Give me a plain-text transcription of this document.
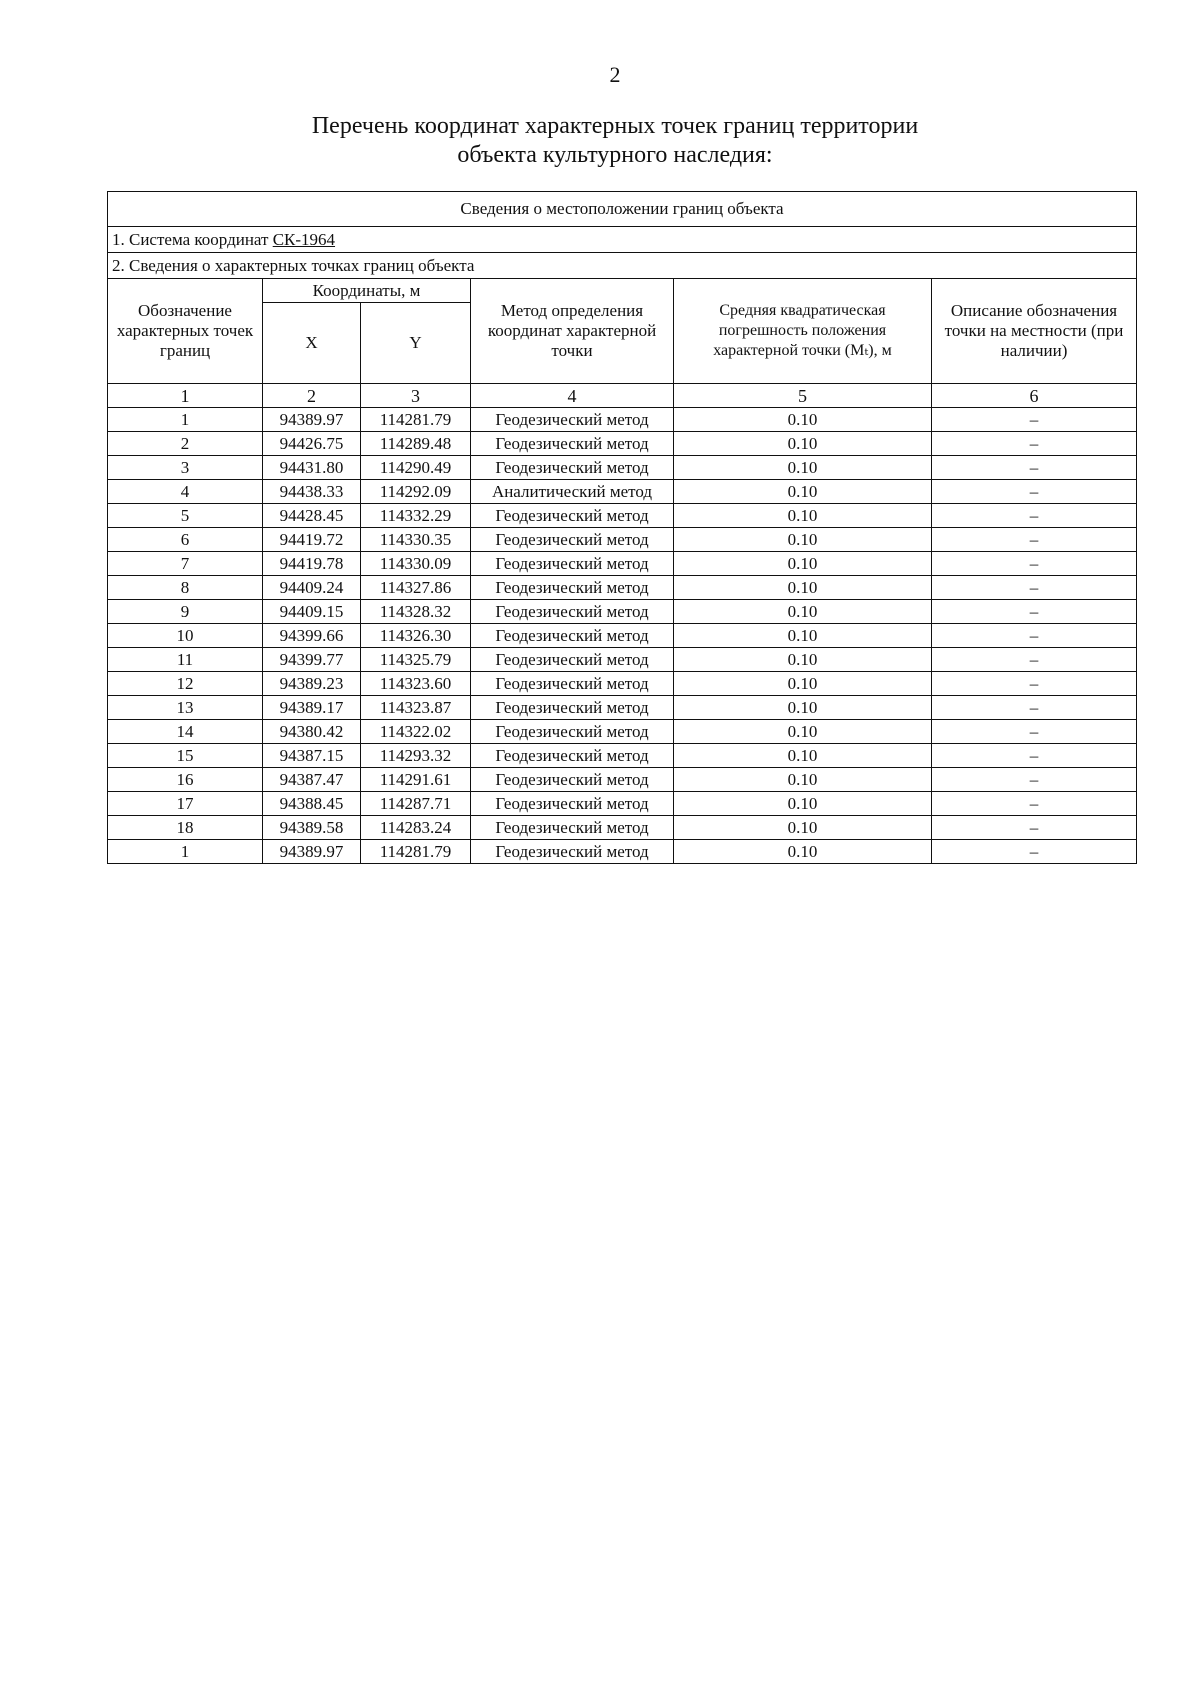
2
Перечень координат характерных точек границ территории
объекта культурного наследия:
Сведения о местоположении границ объекта					
1. Система координат СК-1964					
2. Сведения о характерных точках границ объекта					
Обозначение характерных точек границ	Координаты, м		Метод определения координат характерной точки	Средняя квадратическая погрешность положения характерной точки (Mₜ), м	Описание обозначения точки на местности (при наличии)
	X	Y			
1	2	3	4	5	6
1	94389.97	114281.79	Геодезический метод	0.10	–
2	94426.75	114289.48	Геодезический метод	0.10	–
3	94431.80	114290.49	Геодезический метод	0.10	–
4	94438.33	114292.09	Аналитический метод	0.10	–
5	94428.45	114332.29	Геодезический метод	0.10	–
6	94419.72	114330.35	Геодезический метод	0.10	–
7	94419.78	114330.09	Геодезический метод	0.10	–
8	94409.24	114327.86	Геодезический метод	0.10	–
9	94409.15	114328.32	Геодезический метод	0.10	–
10	94399.66	114326.30	Геодезический метод	0.10	–
11	94399.77	114325.79	Геодезический метод	0.10	–
12	94389.23	114323.60	Геодезический метод	0.10	–
13	94389.17	114323.87	Геодезический метод	0.10	–
14	94380.42	114322.02	Геодезический метод	0.10	–
15	94387.15	114293.32	Геодезический метод	0.10	–
16	94387.47	114291.61	Геодезический метод	0.10	–
17	94388.45	114287.71	Геодезический метод	0.10	–
18	94389.58	114283.24	Геодезический метод	0.10	–
1	94389.97	114281.79	Геодезический метод	0.10	–
